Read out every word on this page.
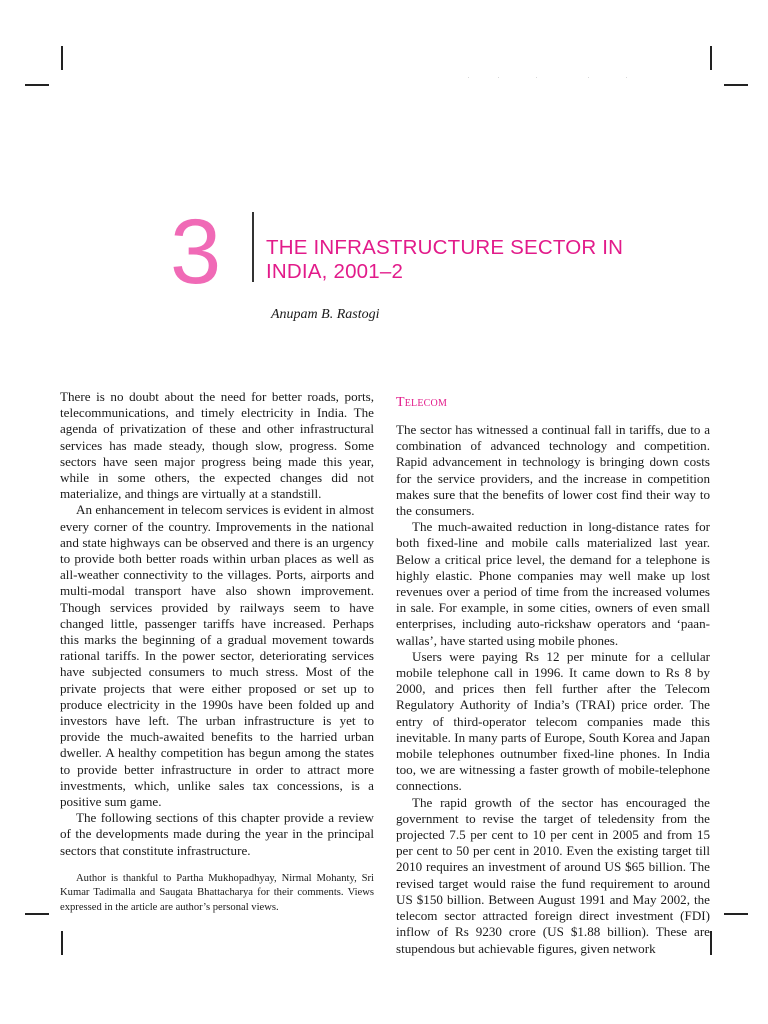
3 THE INFRASTRUCTURE SECTOR IN
INDIA, 2001–2
Anupam B. Rastogi

There is no doubt about the need for better roads, ports, telecommunications, and timely electricity in India. The agenda of privatization of these and other infrastructural services has made steady, though slow, progress. Some sectors have seen major progress being made this year, while in some others, the expected changes did not materialize, and things are virtually at a standstill.

An enhancement in telecom services is evident in almost every corner of the country. Improvements in the national and state highways can be observed and there is an urgency to provide both better roads within urban places as well as all-weather connectivity to the villages. Ports, airports and multi-modal transport have also shown improvement. Though services provided by railways seem to have changed little, passenger tariffs have increased. Perhaps this marks the beginning of a gradual movement towards rational tariffs. In the power sector, deteriorating services have subjected consumers to much stress. Most of the private projects that were either proposed or set up to produce electricity in the 1990s have been folded up and investors have left. The urban infrastructure is yet to provide the much-awaited benefits to the harried urban dweller. A healthy competition has begun among the states to provide better infrastructure in order to attract more investments, which, unlike sales tax concessions, is a positive sum game.

The following sections of this chapter provide a review of the developments made during the year in the principal sectors that constitute infrastructure.

Author is thankful to Partha Mukhopadhyay, Nirmal Mohanty, Sri Kumar Tadimalla and Saugata Bhattacharya for their comments. Views expressed in the article are author’s personal views.

Telecom

The sector has witnessed a continual fall in tariffs, due to a combination of advanced technology and competition. Rapid advancement in technology is bringing down costs for the service providers, and the increase in competition makes sure that the benefits of lower cost find their way to the consumers.

The much-awaited reduction in long-distance rates for both fixed-line and mobile calls materialized last year. Below a critical price level, the demand for a telephone is highly elastic. Phone companies may well make up lost revenues over a period of time from the increased volumes in sale. For example, in some cities, owners of even small enterprises, including auto-rickshaw operators and ‘paan-wallas’, have started using mobile phones.

Users were paying Rs 12 per minute for a cellular mobile telephone call in 1996. It came down to Rs 8 by 2000, and prices then fell further after the Telecom Regulatory Authority of India’s (TRAI) price order. The entry of third-operator telecom companies made this inevitable. In many parts of Europe, South Korea and Japan mobile telephones outnumber fixed-line phones. In India too, we are witnessing a faster growth of mobile-telephone connections.

The rapid growth of the sector has encouraged the government to revise the target of teledensity from the projected 7.5 per cent to 10 per cent in 2005 and from 15 per cent to 50 per cent in 2010. Even the existing target till 2010 requires an investment of around US $65 billion. The revised target would raise the fund requirement to around US $150 billion. Between August 1991 and May 2002, the telecom sector attracted foreign direct investment (FDI) inflow of Rs 9230 crore (US $1.88 billion). These are stupendous but achievable figures, given network
